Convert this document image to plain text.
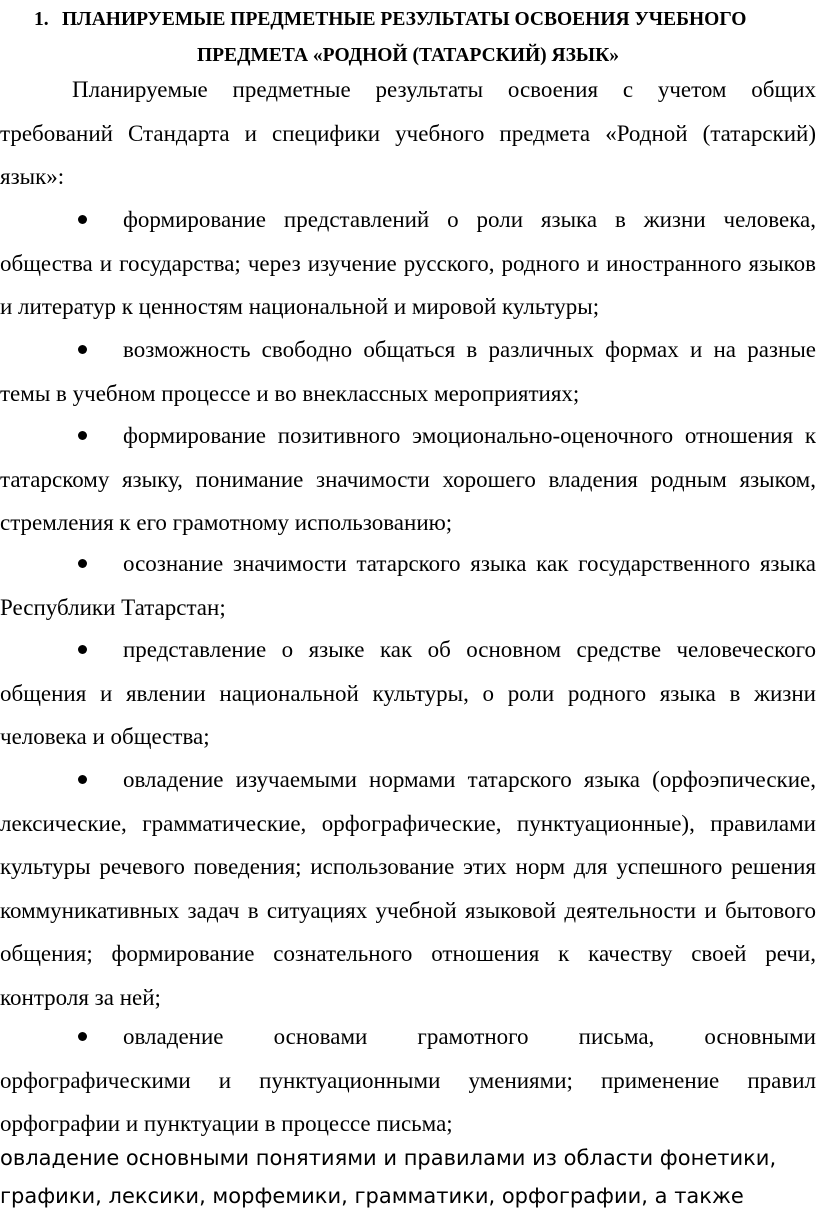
1. ПЛАНИРУЕМЫЕ ПРЕДМЕТНЫЕ РЕЗУЛЬТАТЫ ОСВОЕНИЯ УЧЕБНОГО
ПРЕДМЕТА «РОДНОЙ (ТАТАРСКИЙ) ЯЗЫК»

Планируемые предметные результаты освоения с учетом общих требований Стандарта и специфики учебного предмета «Родной (татарский) язык»:

формирование представлений о роли языка в жизни человека, общества и государства; через изучение русского, родного и иностранного языков и литератур к ценностям национальной и мировой культуры;

возможность свободно общаться в различных формах и на разные темы в учебном процессе и во внеклассных мероприятиях;

формирование позитивного эмоционально-оценочного отношения к татарскому языку, понимание значимости хорошего владения родным языком, стремления к его грамотному использованию;

осознание значимости татарского языка как государственного языка Республики Татарстан;

представление о языке как об основном средстве человеческого общения и явлении национальной культуры, о роли родного языка в жизни человека и общества;

овладение изучаемыми нормами татарского языка (орфоэпические, лексические, грамматические, орфографические, пунктуационные), правилами культуры речевого поведения; использование этих норм для успешного решения коммуникативных задач в ситуациях учебной языковой деятельности и бытового общения; формирование сознательного отношения к качеству своей речи, контроля за ней;

овладение основами грамотного письма, основными орфографическими и пунктуационными умениями; применение правил орфографии и пунктуации в процессе письма;

овладение основными понятиями и правилами из области фонетики,

графики, лексики, морфемики, грамматики, орфографии, а также
